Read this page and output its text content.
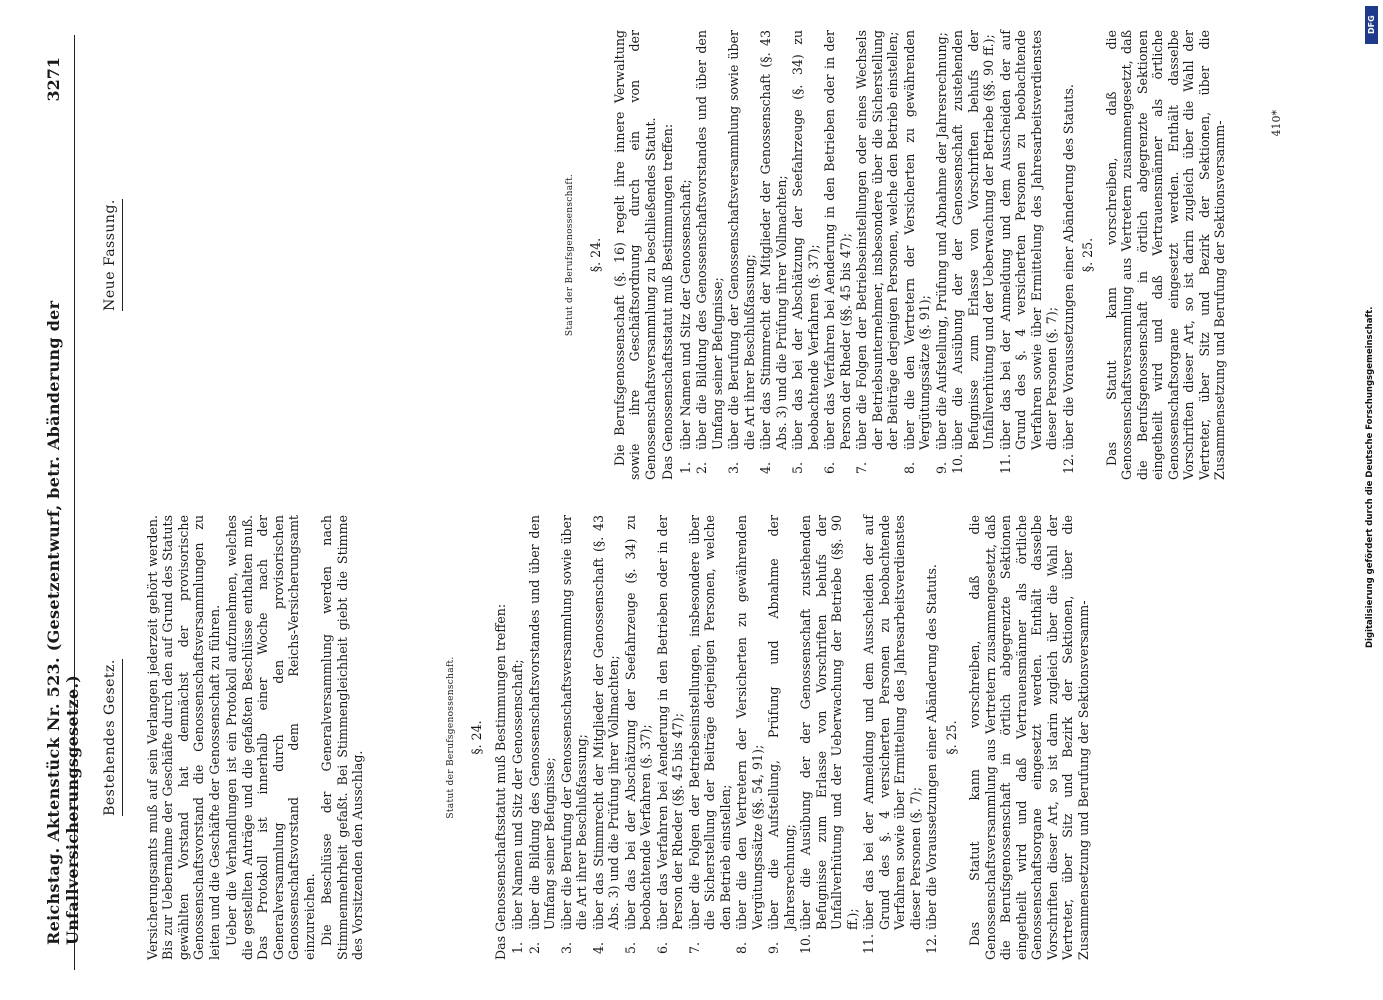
Reichstag. Aktenstück Nr. 523. (Gesetzentwurf, betr. Abänderung der Unfallversicherungsgesetze.)
3271
Bestehendes Gesetz.	Versicherungsamts muß auf sein Verlangen jederzeit gehört werden. Bis zur Uebernahme der Geschäfte durch den auf Grund des Statuts gewählten Vorstand hat demnächst der provisorische Genossenschaftsvorstand die Genossenschaftsversammlungen zu leiten und die Geschäfte der Genossenschaft zu führen. Ueber die Verhandlungen ist ein Protokoll aufzunehmen, welches die gestellten Anträge und die gefaßten Beschlüsse enthalten muß. Das Protokoll ist innerhalb einer Woche nach der Generalversammlung durch den provisorischen Genossenschaftsvorstand dem Reichs-Versicherungsamt einzureichen. Die Beschlüsse der Generalversammlung werden nach Stimmenmehrheit gefaßt. Bei Stimmengleichheit giebt die Stimme des Vorsitzenden den Ausschlag.

Statut der Berufsgenossenschaft. §. 24. Das Genossenschaftsstatut muß Bestimmungen treffen: 1.
über Namen und Sitz der Genossenschaft;
2.
über die Bildung des Genossenschaftsvorstandes und über den Umfang seiner Befugnisse;
3.
über die Berufung der Genossenschaftsversammlung sowie über die Art ihrer Beschlußfassung;
4.
über das Stimmrecht der Mitglieder der Genossenschaft (§. 43 Abs. 3) und die Prüfung ihrer Vollmachten;
5.
über das bei der Abschätzung der Seefahrzeuge (§. 34) zu beobachtende Verfahren (§. 37);
6.
über das Verfahren bei Aenderung in den Betrieben oder in der Person der Rheder (§§. 45 bis 47);
7.
über die Folgen der Betriebseinstellungen, insbesondere über die Sicherstellung der Beiträge derjenigen Personen, welche den Betrieb einstellen;
8.
über die den Vertretern der Versicherten zu gewährenden Vergütungssätze (§§. 54, 91);
9.
über die Aufstellung, Prüfung und Abnahme der Jahresrechnung;
10.
über die Ausübung der der Genossenschaft zustehenden Befugnisse zum Erlasse von Vorschriften behufs der Unfallverhütung und der Ueberwachung der Betriebe (§§. 90 ff.);
11.
über das bei der Anmeldung und dem Ausscheiden der auf Grund des §. 4 versicherten Personen zu beobachtende Verfahren sowie über Ermittelung des Jahresarbeitsverdienstes dieser Personen (§. 7);
12.
über die Voraussetzungen einer Abänderung des Statuts. §. 25. Das Statut kann vorschreiben, daß die Genossenschaftsversammlung aus Vertretern zusammengesetzt, daß die Berufsgenossenschaft in örtlich abgegrenzte Sektionen eingetheilt wird und daß Vertrauensmänner als örtliche Genossenschaftsorgane eingesetzt werden. Enthält dasselbe Vorschriften dieser Art, so ist darin zugleich über die Wahl der Vertreter, über Sitz und Bezirk der Sektionen, über die Zusammensetzung und Berufung der Sektionsversamm-

Neue Fassung.	Statut der Berufsgenossenschaft. §. 24. Die Berufsgenossenschaft (§. 16) regelt ihre innere Verwaltung sowie ihre Geschäftsordnung durch ein von der Genossenschaftsversammlung zu beschließendes Statut. Das Genossenschaftsstatut muß Bestimmungen treffen: 1.
über Namen und Sitz der Genossenschaft;
2.
über die Bildung des Genossenschaftsvorstandes und über den Umfang seiner Befugnisse;
3.
über die Berufung der Genossenschaftsversammlung sowie über die Art ihrer Beschlußfassung;
4.
über das Stimmrecht der Mitglieder der Genossenschaft (§. 43 Abs. 3) und die Prüfung ihrer Vollmachten;
5.
über das bei der Abschätzung der Seefahrzeuge (§. 34) zu beobachtende Verfahren (§. 37);
6.
über das Verfahren bei Aenderung in den Betrieben oder in der Person der Rheder (§§. 45 bis 47);
7.
über die Folgen der Betriebseinstellungen oder eines Wechsels der Betriebsunternehmer, insbesondere über die Sicherstellung der Beiträge derjenigen Personen, welche den Betrieb einstellen;
8.
über die den Vertretern der Versicherten zu gewährenden Vergütungssätze (§. 91);
9.
über die Aufstellung, Prüfung und Abnahme der Jahresrechnung;
10.
über die Ausübung der der Genossenschaft zustehenden Befugnisse zum Erlasse von Vorschriften behufs der Unfallverhütung und der Ueberwachung der Betriebe (§§. 90 ff.);
11.
über das bei der Anmeldung und dem Ausscheiden der auf Grund des §. 4 versicherten Personen zu beobachtende Verfahren sowie über Ermittelung des Jahresarbeitsverdienstes dieser Personen (§. 7);
12.
über die Voraussetzungen einer Abänderung des Statuts. §. 25. Das Statut kann vorschreiben, daß die Genossenschaftsversammlung aus Vertretern zusammengesetzt, daß die Berufsgenossenschaft in örtlich abgegrenzte Sektionen eingetheilt wird und daß Vertrauensmänner als örtliche Genossenschaftsorgane eingesetzt werden. Enthält dasselbe Vorschriften dieser Art, so ist darin zugleich über die Wahl der Vertreter, über Sitz und Bezirk der Sektionen, über die Zusammensetzung und Berufung der Sektionsversamm-	410*
DFG
Digitalisierung gefördert durch die Deutsche Forschungsgemeinschaft.
